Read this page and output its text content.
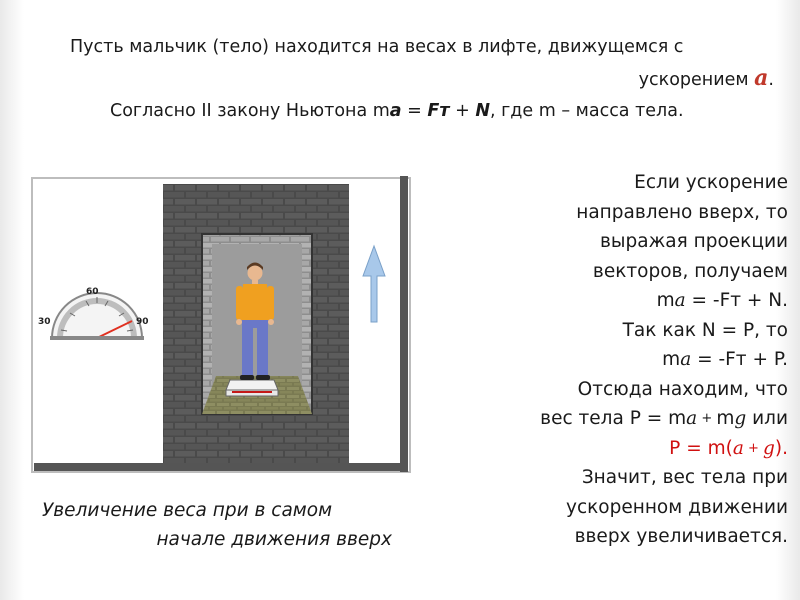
Пусть мальчик (тело) находится на весах в лифте, движущемся с
ускорением a.
Согласно II закону Ньютона ma = Fт + N, где m – масса тела.
30
60
90
Если ускорение
направлено вверх, то
выражая проекции
векторов, получаем
ma = -Fт + N.
Так как N = P, то
ma = -Fт + P.
Отсюда находим, что
вес тела P = ma + mg или
P = m(a + g).
Значит, вес тела при
ускоренном движении
вверх увеличивается.
Увеличение веса при в самом
начале движения вверх
